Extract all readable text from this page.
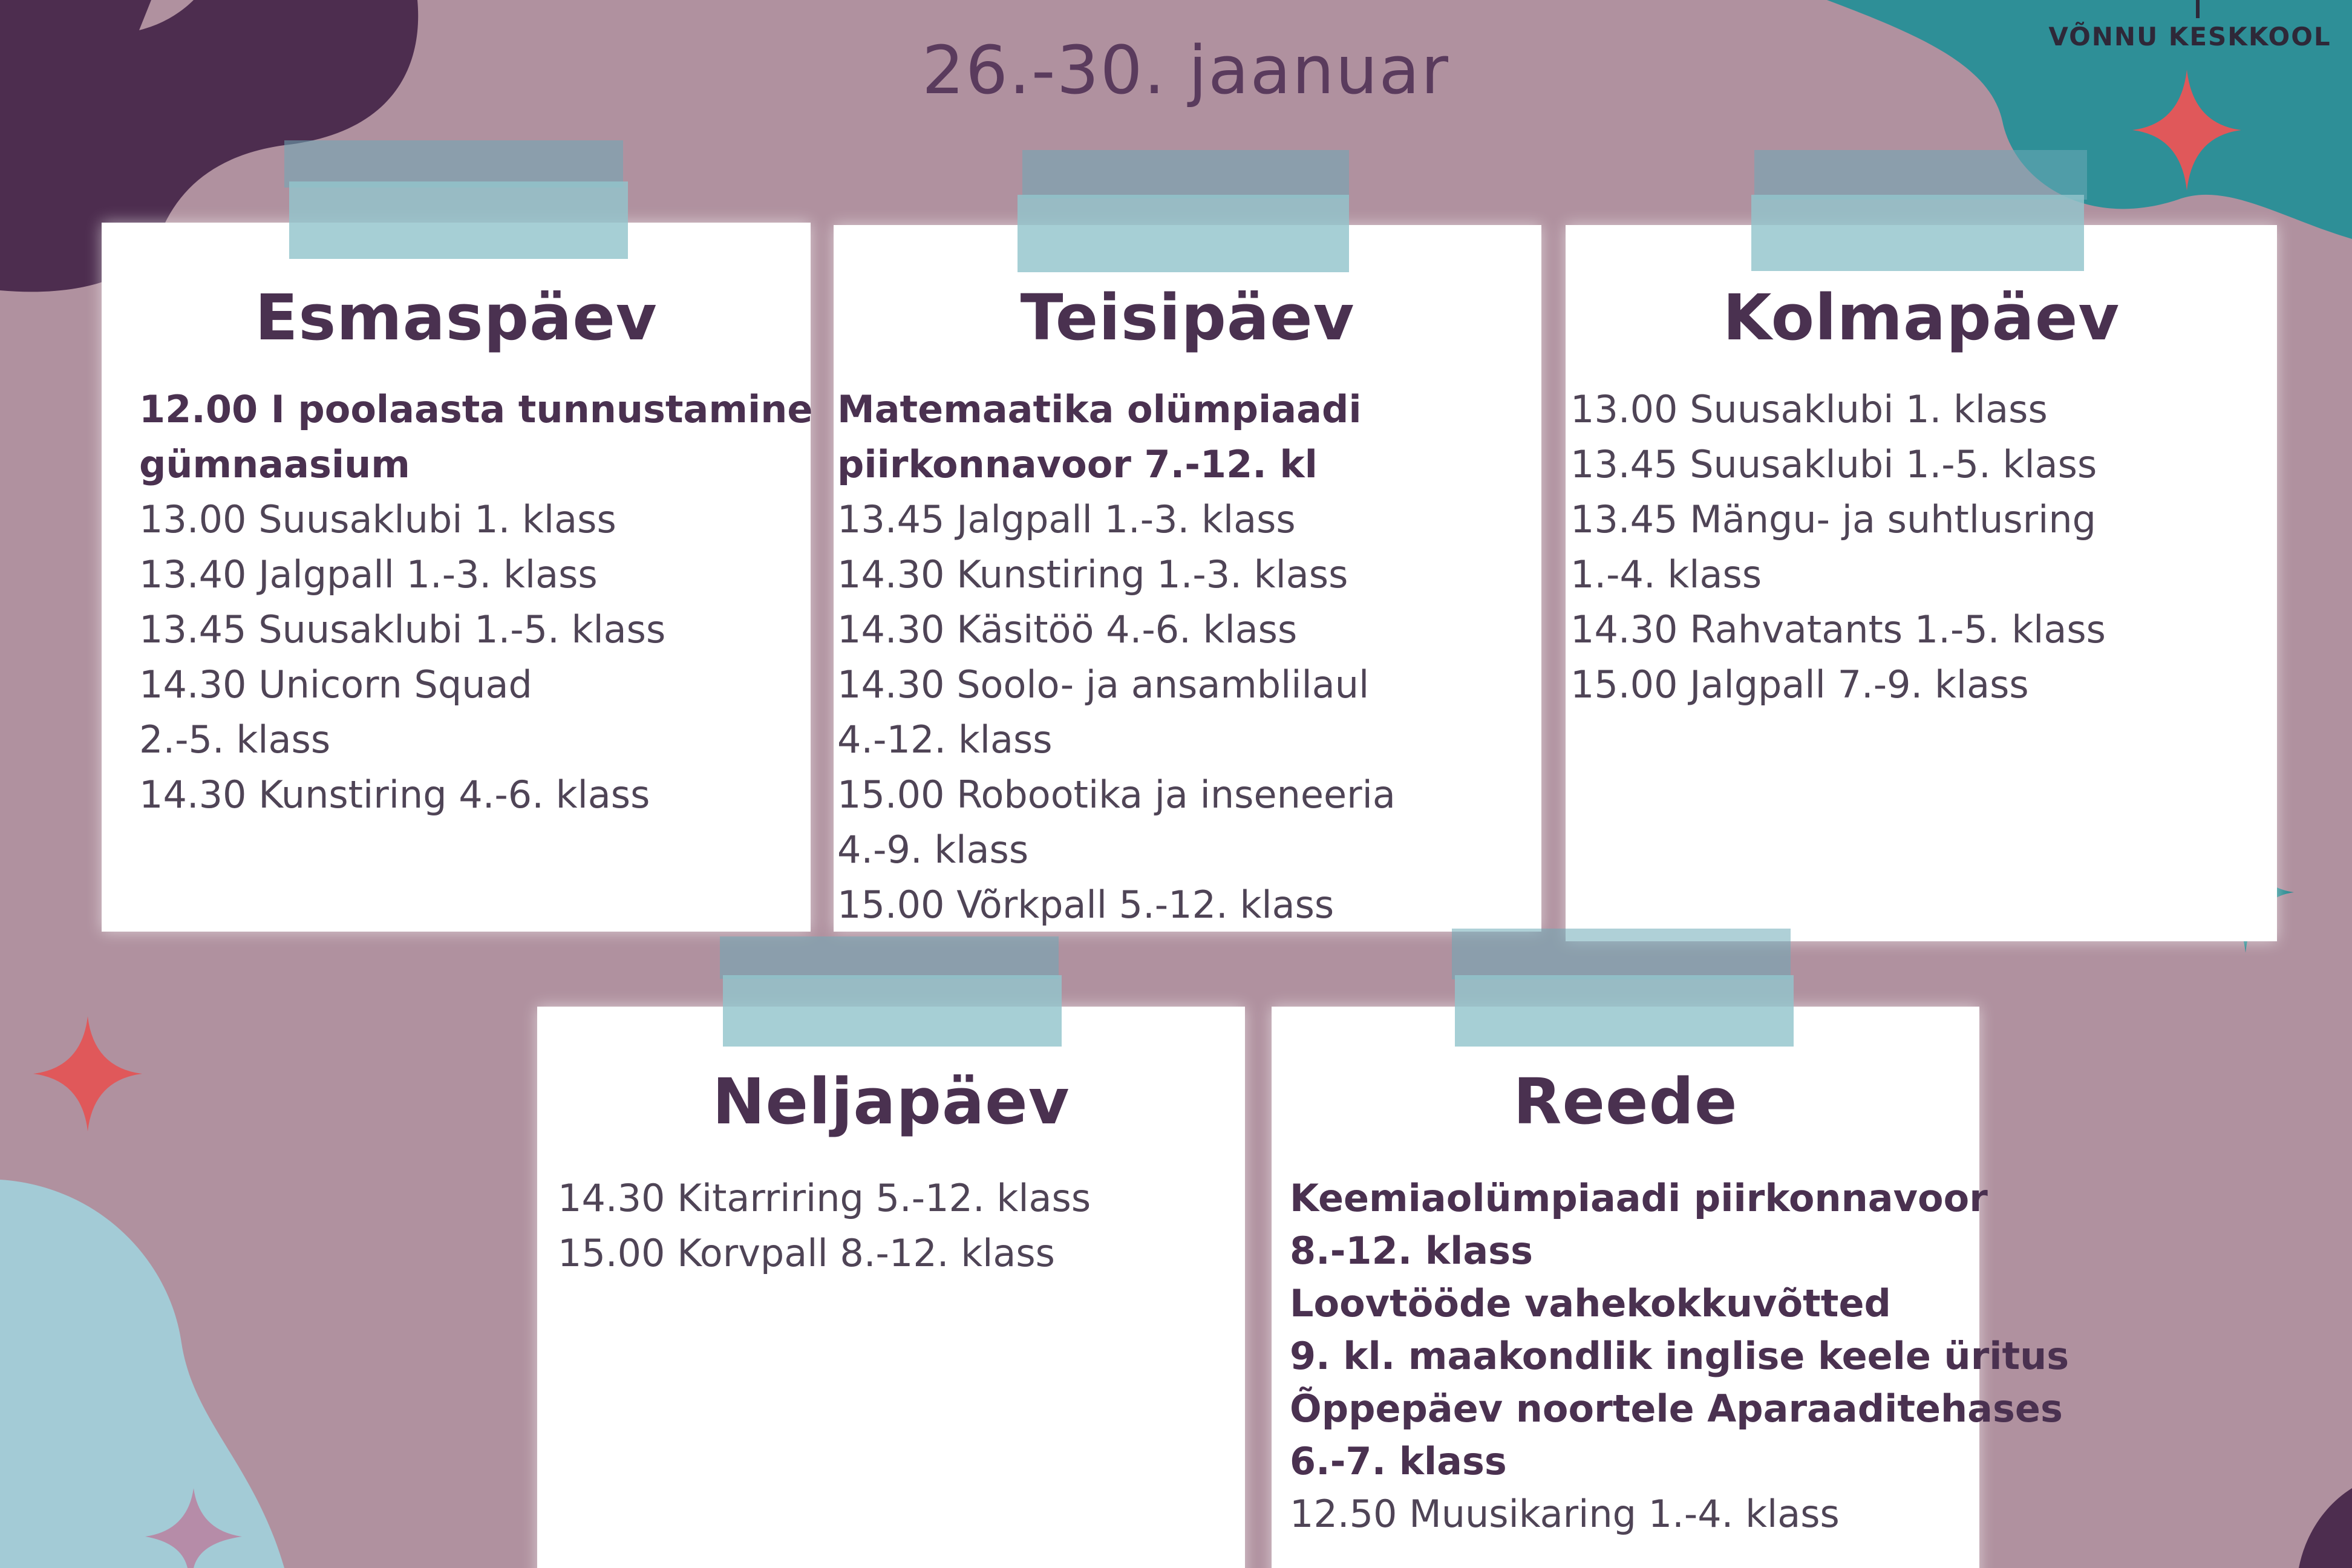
26.-30. jaanuar	VÕNNU KESKKOOL
Esmaspäev
12.00 I poolaasta tunnustamine
gümnaasium
13.00 Suusaklubi 1. klass
13.40 Jalgpall 1.-3. klass
13.45 Suusaklubi 1.-5. klass
14.30 Unicorn Squad
2.-5. klass
14.30 Kunstiring 4.-6. klass
Teisipäev
Matemaatika olümpiaadi
piirkonnavoor 7.-12. kl
13.45 Jalgpall 1.-3. klass
14.30 Kunstiring 1.-3. klass
14.30 Käsitöö 4.-6. klass
14.30 Soolo- ja ansamblilaul
4.-12. klass
15.00 Robootika ja inseneeria
4.-9. klass
15.00 Võrkpall 5.-12. klass
Kolmapäev
13.00 Suusaklubi 1. klass
13.45 Suusaklubi 1.-5. klass
13.45 Mängu- ja suhtlusring
1.-4. klass
14.30 Rahvatants 1.-5. klass
15.00 Jalgpall 7.-9. klass
Neljapäev
14.30 Kitarriring 5.-12. klass
15.00 Korvpall 8.-12. klass
Reede
Keemiaolümpiaadi piirkonnavoor
8.-12. klass
Loovtööde vahekokkuvõtted
9. kl. maakondlik inglise keele üritus
Õppepäev noortele Aparaaditehases
6.-7. klass
12.50 Muusikaring 1.-4. klass
